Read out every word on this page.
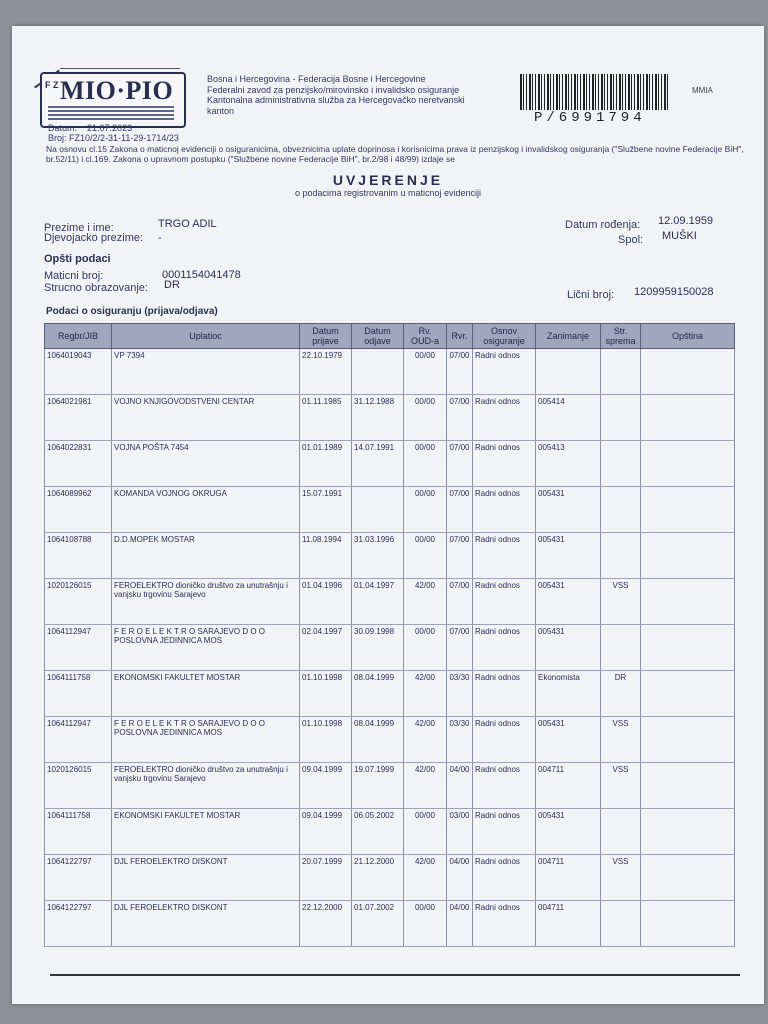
F Z MIO·PIO	Bosna i Hercegovina - Federacija Bosne i Hercegovine
Federalni zavod za penzijsko/mirovinsko i invalidsko osiguranje
Kantonalna administrativna služba za Hercegovačko neretvanski
kanton	P/6991794
MMIA
Datum: 21.07.2023
Broj: FZ10/2/2-31-11-29-1714/23
Na osnovu cl.15 Zakona o maticnoj evidenciji o osiguranicima, obveznicima uplate doprinosa i korisnicima prava iz penzijskog i invalidskog osiguranja ("Službene novine Federacije BiH", br.52/11) i cl.169. Zakona o upravnom postupku ("Službene novine Federacije BiH", br.2/98 i 48/99) izdaje se
UVJERENJE
o podacima registrovanim u maticnoj evidenciji
Prezime i ime:	TRGO ADIL
Djevojacko prezime: -
Datum rođenja: 12.09.1959
Spol: MUŠKI
Opšti podaci
Maticni broj:	0001154041478
Strucno obrazovanje: DR
Lični broj: 1209959150028
Podaci o osiguranju (prijava/odjava)
Regbr/JIB	Uplatioc	Datum prijave	Datum odjave	Rv. OUD-a	Rvr.	Osnov osiguranje	Zanimanje	Str. sprema	Opština
1064019043	VP 7394	22.10.1979		00/00	07/00	Radni odnos			
1064021981	VOJNO KNJIGOVODSTVENI CENTAR	01.11.1985	31.12.1988	00/00	07/00	Radni odnos	005414		
1064022831	VOJNA POŠTA 7454	01.01.1989	14.07.1991	00/00	07/00	Radni odnos	005413		
1064089962	KOMANDA VOJNOG OKRUGA	15.07.1991		00/00	07/00	Radni odnos	005431		
1064108788	D.D.MOPEK MOSTAR	11.08.1994	31.03.1996	00/00	07/00	Radni odnos	005431		
1020126015	FEROELEKTRO dioničko društvo za unutrašnju i vanjsku trgovinu Sarajevo	01.04.1996	01.04.1997	42/00	07/00	Radni odnos	005431	VSS	
1064112947	F E R O E L E K T R O SARAJEVO D O O POSLOVNA JEDINNICA MOS	02.04.1997	30.09.1998	00/00	07/00	Radni odnos	005431		
1064111758	EKONOMSKI FAKULTET MOSTAR	01.10.1998	08.04.1999	42/00	03/30	Radni odnos	Ekonomista	DR	
1064112947	F E R O E L E K T R O SARAJEVO D O O POSLOVNA JEDINNICA MOS	01.10.1998	08.04.1999	42/00	03/30	Radni odnos	005431	VSS	
1020126015	FEROELEKTRO dioničko društvo za unutrašnju i vanjsku trgovinu Sarajevo	09.04.1999	19.07.1999	42/00	04/00	Radni odnos	004711	VSS	
1064111758	EKONOMSKI FAKULTET MOSTAR	09.04.1999	06.05.2002	00/00	03/00	Radni odnos	005431		
1064122797	DJL FEROELEKTRO DISKONT	20.07.1999	21.12.2000	42/00	04/00	Radni odnos	004711	VSS	
1064122797	DJL FEROELEKTRO DISKONT	22.12.2000	01.07.2002	00/00	04/00	Radni odnos	004711		
